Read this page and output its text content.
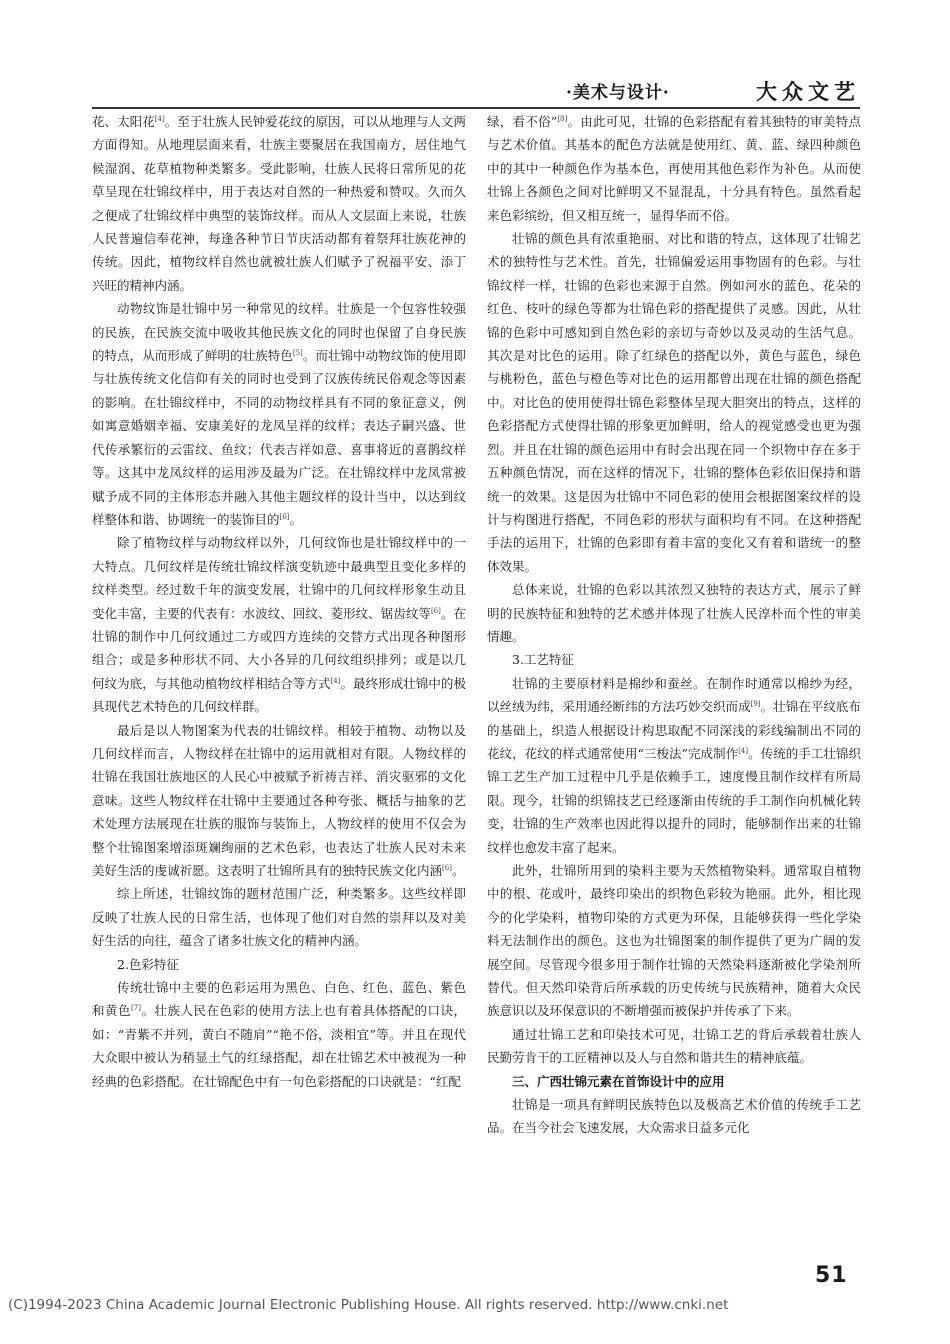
·美术与设计·	大众文艺

花、太阳花[4]。至于壮族人民钟爱花纹的原因，可以从地理与人文两方面得知。从地理层面来看，壮族主要聚居在我国南方，居住地气候湿润、花草植物种类繁多。受此影响，壮族人民将日常所见的花草呈现在壮锦纹样中，用于表达对自然的一种热爱和赞叹。久而久之便成了壮锦纹样中典型的装饰纹样。而从人文层面上来说，壮族人民普遍信奉花神，每逢各种节日节庆活动都有着祭拜壮族花神的传统。因此，植物纹样自然也就被壮族人们赋予了祝福平安、添丁兴旺的精神内涵。

动物纹饰是壮锦中另一种常见的纹样。壮族是一个包容性较强的民族，在民族交流中吸收其他民族文化的同时也保留了自身民族的特点，从而形成了鲜明的壮族特色[5]。而壮锦中动物纹饰的使用即与壮族传统文化信仰有关的同时也受到了汉族传统民俗观念等因素的影响。在壮锦纹样中，不同的动物纹样具有不同的象征意义，例如寓意婚姻幸福、安康美好的龙凤呈祥的纹样；表达子嗣兴盛、世代传承繁衍的云雷纹、鱼纹；代表吉祥如意、喜事将近的喜鹊纹样等。这其中龙凤纹样的运用涉及最为广泛。在壮锦纹样中龙凤常被赋予成不同的主体形态并融入其他主题纹样的设计当中，以达到纹样整体和谐、协调统一的装饰目的[6]。

除了植物纹样与动物纹样以外，几何纹饰也是壮锦纹样中的一大特点。几何纹样是传统壮锦纹样演变轨迹中最典型且变化多样的纹样类型。经过数千年的演变发展，壮锦中的几何纹样形象生动且变化丰富，主要的代表有：水波纹、回纹、菱形纹、锯齿纹等[6]。在壮锦的制作中几何纹通过二方或四方连续的交替方式出现各种图形组合；或是多种形状不同、大小各异的几何纹组织排列；或是以几何纹为底，与其他动植物纹样相结合等方式[4]。最终形成壮锦中的极具现代艺术特色的几何纹样群。

最后是以人物图案为代表的壮锦纹样。相较于植物、动物以及几何纹样而言，人物纹样在壮锦中的运用就相对有限。人物纹样的壮锦在我国壮族地区的人民心中被赋予祈祷吉祥、消灾驱邪的文化意味。这些人物纹样在壮锦中主要通过各种夸张、概括与抽象的艺术处理方法展现在壮族的服饰与装饰上，人物纹样的使用不仅会为整个壮锦图案增添斑斓绚丽的艺术色彩，也表达了壮族人民对未来美好生活的虔诚祈愿。这表明了壮锦所具有的独特民族文化内涵[6]。

综上所述，壮锦纹饰的题材范围广泛，种类繁多。这些纹样即反映了壮族人民的日常生活，也体现了他们对自然的崇拜以及对美好生活的向往，蕴含了诸多壮族文化的精神内涵。

2.色彩特征

传统壮锦中主要的色彩运用为黑色、白色、红色、蓝色、紫色和黄色[7]。壮族人民在色彩的使用方法上也有着具体搭配的口诀，如：“青紫不并列，黄白不随肩”“艳不俗，淡相宜”等。并且在现代大众眼中被认为稍显土气的红绿搭配，却在壮锦艺术中被视为一种经典的色彩搭配。在壮锦配色中有一句色彩搭配的口诀就是：“红配

绿，看不俗”[8]。由此可见，壮锦的色彩搭配有着其独特的审美特点与艺术价值。其基本的配色方法就是使用红、黄、蓝、绿四种颜色中的其中一种颜色作为基本色，再使用其他色彩作为补色。从而使壮锦上各颜色之间对比鲜明又不显混乱，十分具有特色。虽然看起来色彩缤纷，但又相互统一，显得华而不俗。

壮锦的颜色具有浓重艳丽、对比和谐的特点，这体现了壮锦艺术的独特性与艺术性。首先，壮锦偏爱运用事物固有的色彩。与壮锦纹样一样，壮锦的色彩也来源于自然。例如河水的蓝色、花朵的红色、枝叶的绿色等都为壮锦色彩的搭配提供了灵感。因此，从壮锦的色彩中可感知到自然色彩的亲切与奇妙以及灵动的生活气息。其次是对比色的运用。除了红绿色的搭配以外，黄色与蓝色，绿色与桃粉色，蓝色与橙色等对比色的运用都曾出现在壮锦的颜色搭配中。对比色的使用使得壮锦色彩整体呈现大胆突出的特点，这样的色彩搭配方式使得壮锦的形象更加鲜明，给人的视觉感受也更为强烈。并且在壮锦的颜色运用中有时会出现在同一个织物中存在多于五种颜色情况，而在这样的情况下，壮锦的整体色彩依旧保持和谐统一的效果。这是因为壮锦中不同色彩的使用会根据图案纹样的设计与构图进行搭配，不同色彩的形状与面积均有不同。在这种搭配手法的运用下，壮锦的色彩即有着丰富的变化又有着和谐统一的整体效果。

总体来说，壮锦的色彩以其浓烈又独特的表达方式，展示了鲜明的民族特征和独特的艺术感并体现了壮族人民淳朴而个性的审美情趣。

3.工艺特征

壮锦的主要原材料是棉纱和蚕丝。在制作时通常以棉纱为经，以丝绒为纬，采用通经断纬的方法巧妙交织而成[9]。壮锦在平纹底布的基础上，织造人根据设计构思取配不同深浅的彩线编制出不同的花纹，花纹的样式通常使用“三梭法”完成制作[4]。传统的手工壮锦织锦工艺生产加工过程中几乎是依赖手工，速度慢且制作纹样有所局限。现今，壮锦的织锦技艺已经逐渐由传统的手工制作向机械化转变，壮锦的生产效率也因此得以提升的同时，能够制作出来的壮锦纹样也愈发丰富了起来。

此外，壮锦所用到的染料主要为天然植物染料。通常取自植物中的根、花或叶，最终印染出的织物色彩较为艳丽。此外，相比现今的化学染料，植物印染的方式更为环保，且能够获得一些化学染料无法制作出的颜色。这也为壮锦图案的制作提供了更为广阔的发展空间。尽管现今很多用于制作壮锦的天然染料逐渐被化学染剂所替代。但天然印染背后所承载的历史传统与民族精神，随着大众民族意识以及环保意识的不断增强而被保护并传承了下来。

通过壮锦工艺和印染技术可见，壮锦工艺的背后承载着壮族人民勤劳肯干的工匠精神以及人与自然和谐共生的精神底蕴。

三、广西壮锦元素在首饰设计中的应用

壮锦是一项具有鲜明民族特色以及极高艺术价值的传统手工艺品。在当今社会飞速发展，大众需求日益多元化

51
(C)1994-2023 China Academic Journal Electronic Publishing House. All rights reserved. http://www.cnki.net
